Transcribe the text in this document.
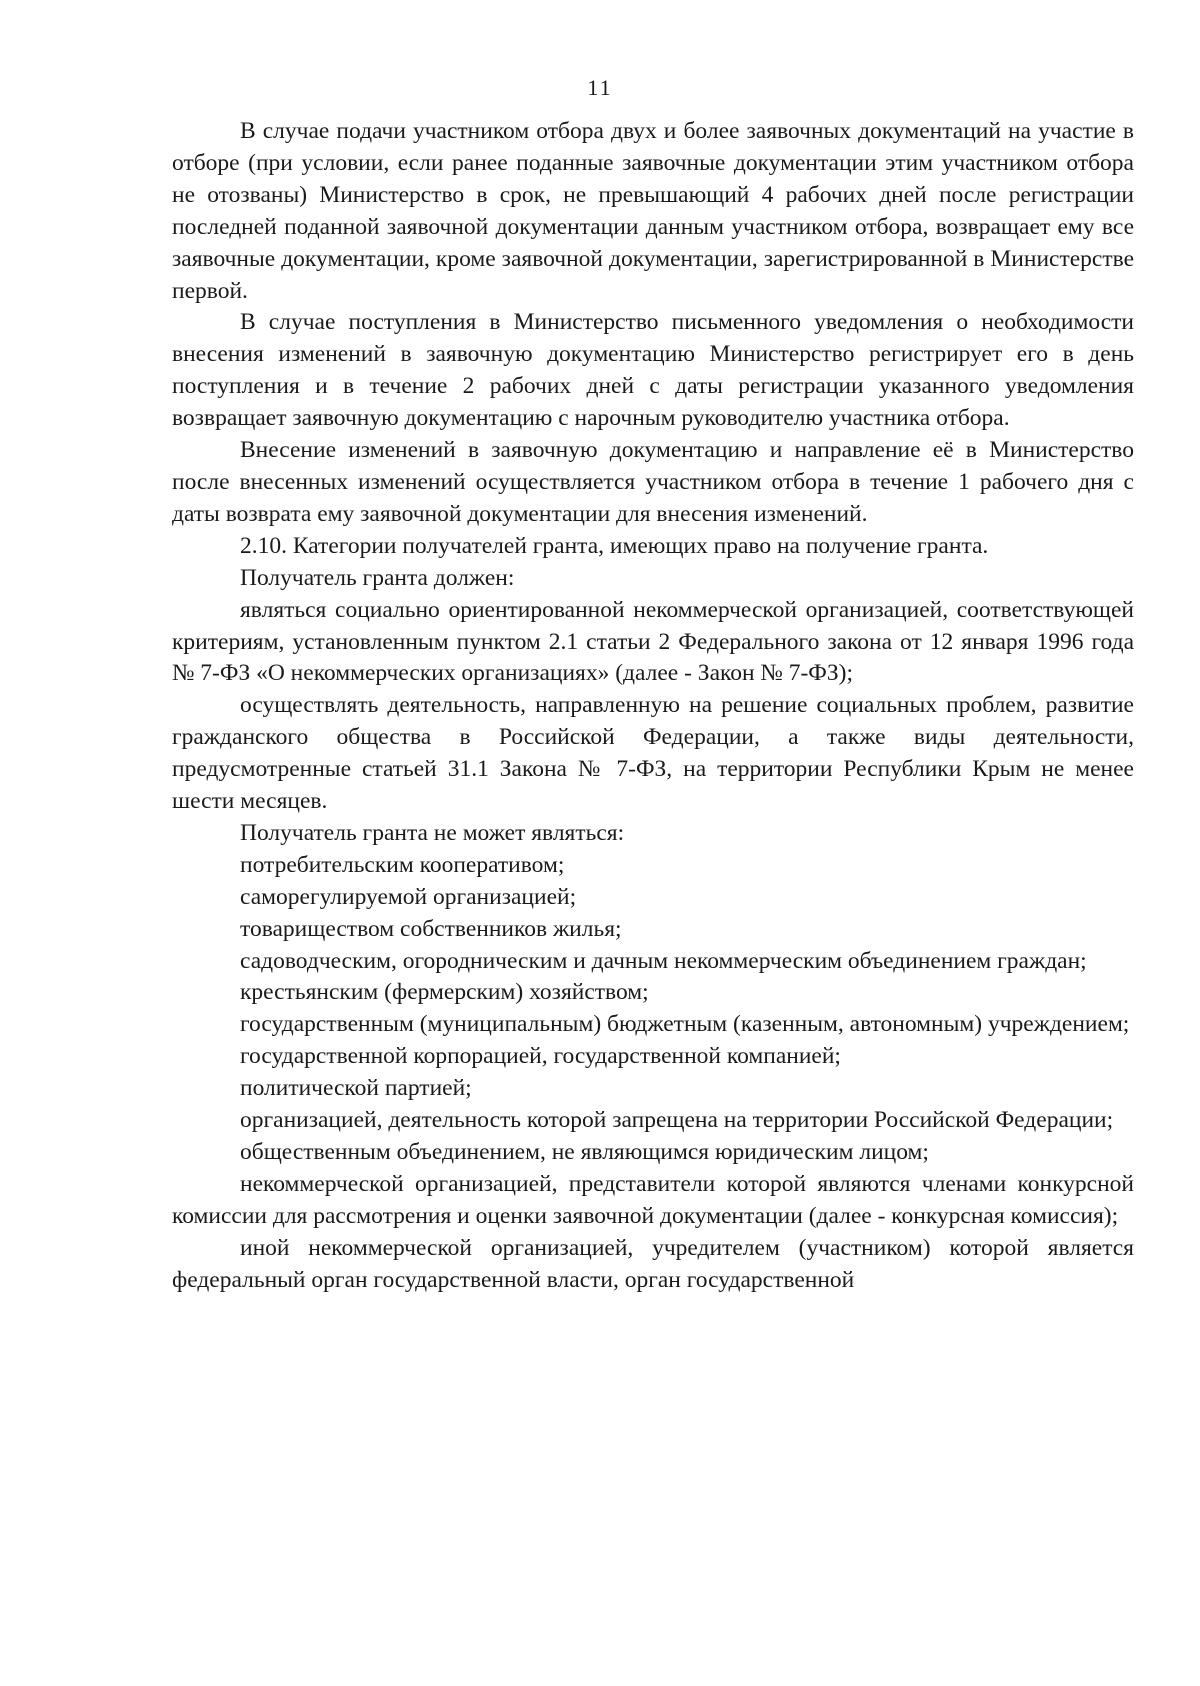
11

В случае подачи участником отбора двух и более заявочных документаций на участие в отборе (при условии, если ранее поданные заявочные документации этим участником отбора не отозваны) Министерство в срок, не превышающий 4 рабочих дней после регистрации последней поданной заявочной документации данным участником отбора, возвращает ему все заявочные документации, кроме заявочной документации, зарегистрированной в Министерстве первой.

В случае поступления в Министерство письменного уведомления о необходимости внесения изменений в заявочную документацию Министерство регистрирует его в день поступления и в течение 2 рабочих дней с даты регистрации указанного уведомления возвращает заявочную документацию с нарочным руководителю участника отбора.

Внесение изменений в заявочную документацию и направление её в Министерство после внесенных изменений осуществляется участником отбора в течение 1 рабочего дня с даты возврата ему заявочной документации для внесения изменений.

2.10. Категории получателей гранта, имеющих право на получение гранта.

Получатель гранта должен:

являться социально ориентированной некоммерческой организацией, соответствующей критериям, установленным пунктом 2.1 статьи 2 Федерального закона от 12 января 1996 года № 7-ФЗ «О некоммерческих организациях» (далее - Закон № 7-ФЗ);

осуществлять деятельность, направленную на решение социальных проблем, развитие гражданского общества в Российской Федерации, а также виды деятельности, предусмотренные статьей 31.1 Закона № 7-ФЗ, на территории Республики Крым не менее шести месяцев.

Получатель гранта не может являться:

потребительским кооперативом;

саморегулируемой организацией;

товариществом собственников жилья;

садоводческим, огородническим и дачным некоммерческим объединением граждан;

крестьянским (фермерским) хозяйством;

государственным (муниципальным) бюджетным (казенным, автономным) учреждением;

государственной корпорацией, государственной компанией;

политической партией;

организацией, деятельность которой запрещена на территории Российской Федерации;

общественным объединением, не являющимся юридическим лицом;

некоммерческой организацией, представители которой являются членами конкурсной комиссии для рассмотрения и оценки заявочной документации (далее - конкурсная комиссия);

иной некоммерческой организацией, учредителем (участником) которой является федеральный орган государственной власти, орган государственной
